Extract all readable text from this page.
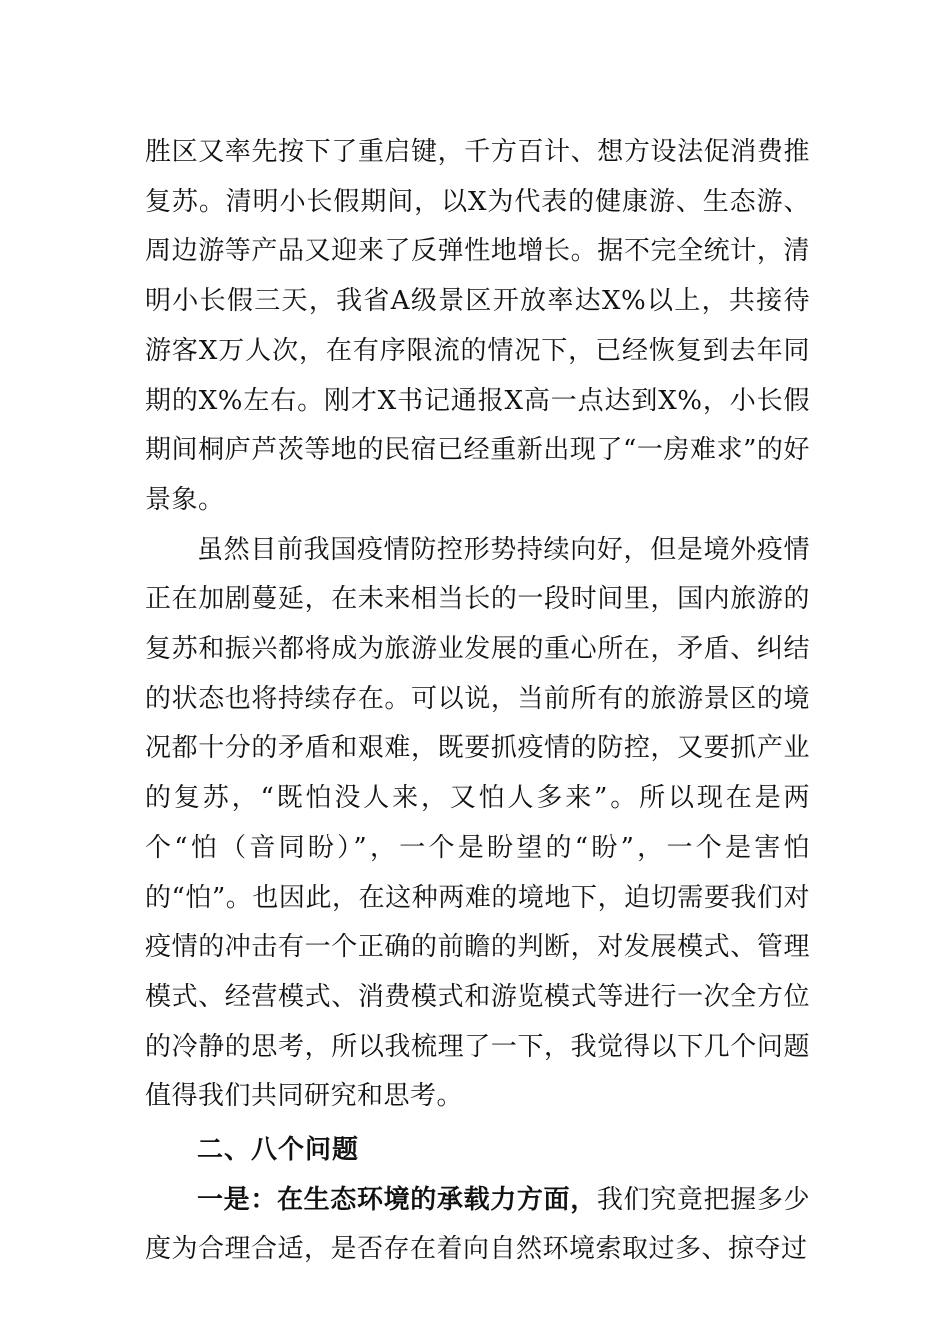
胜区又率先按下了重启键，千方百计、想方设法促消费推复苏。清明小长假期间，以X为代表的健康游、生态游、周边游等产品又迎来了反弹性地增长。据不完全统计，清明小长假三天，我省A级景区开放率达X%以上，共接待游客X万人次，在有序限流的情况下，已经恢复到去年同期的X%左右。刚才X书记通报X高一点达到X%，小长假期间桐庐芦茨等地的民宿已经重新出现了“一房难求”的好景象。

虽然目前我国疫情防控形势持续向好，但是境外疫情正在加剧蔓延，在未来相当长的一段时间里，国内旅游的复苏和振兴都将成为旅游业发展的重心所在，矛盾、纠结的状态也将持续存在。可以说，当前所有的旅游景区的境况都十分的矛盾和艰难，既要抓疫情的防控，又要抓产业的复苏，“既怕没人来，又怕人多来”。所以现在是两个“怕（音同盼）”，一个是盼望的“盼”，一个是害怕的“怕”。也因此，在这种两难的境地下，迫切需要我们对疫情的冲击有一个正确的前瞻的判断，对发展模式、管理模式、经营模式、消费模式和游览模式等进行一次全方位的冷静的思考，所以我梳理了一下，我觉得以下几个问题值得我们共同研究和思考。

二、八个问题

一是：在生态环境的承载力方面，我们究竟把握多少度为合理合适，是否存在着向自然环境索取过多、掠夺过
